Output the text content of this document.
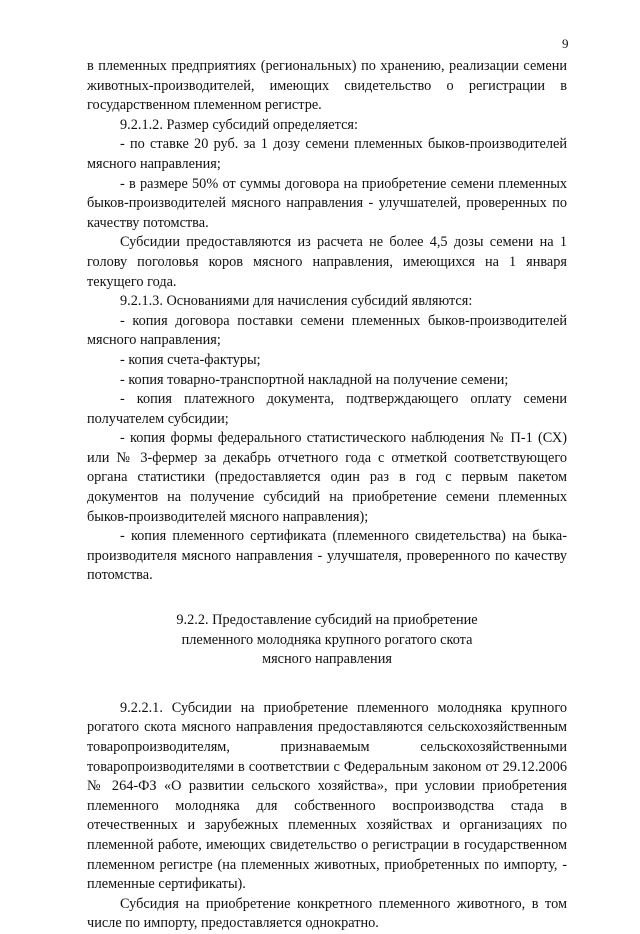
9

в племенных предприятиях (региональных) по хранению, реализации семени животных-производителей, имеющих свидетельство о регистрации в государственном племенном регистре.

9.2.1.2. Размер субсидий определяется:

- по ставке 20 руб. за 1 дозу семени племенных быков-производителей мясного направления;

- в размере 50% от суммы договора на приобретение семени племенных быков-производителей мясного направления - улучшателей, проверенных по качеству потомства.

Субсидии предоставляются из расчета не более 4,5 дозы семени на 1 голову поголовья коров мясного направления, имеющихся на 1 января текущего года.

9.2.1.3. Основаниями для начисления субсидий являются:

- копия договора поставки семени племенных быков-производителей мясного направления;

- копия счета-фактуры;

- копия товарно-транспортной накладной на получение семени;

- копия платежного документа, подтверждающего оплату семени получателем субсидии;

- копия формы федерального статистического наблюдения № П-1 (СХ) или № 3-фермер за декабрь отчетного года с отметкой соответствующего органа статистики (предоставляется один раз в год с первым пакетом документов на получение субсидий на приобретение семени племенных быков-производителей мясного направления);

- копия племенного сертификата (племенного свидетельства) на быка-производителя мясного направления - улучшателя, проверенного по качеству потомства.

9.2.2. Предоставление субсидий на приобретение
племенного молодняка крупного рогатого скота
мясного направления

9.2.2.1. Субсидии на приобретение племенного молодняка крупного рогатого скота мясного направления предоставляются сельскохозяйственным товаропроизводителям, признаваемым сельскохозяйственными товаропроизводителями в соответствии с Федеральным законом от 29.12.2006 № 264-ФЗ «О развитии сельского хозяйства», при условии приобретения племенного молодняка для собственного воспроизводства стада в отечественных и зарубежных племенных хозяйствах и организациях по племенной работе, имеющих свидетельство о регистрации в государственном племенном регистре (на племенных животных, приобретенных по импорту, - племенные сертификаты).

Субсидия на приобретение конкретного племенного животного, в том числе по импорту, предоставляется однократно.
